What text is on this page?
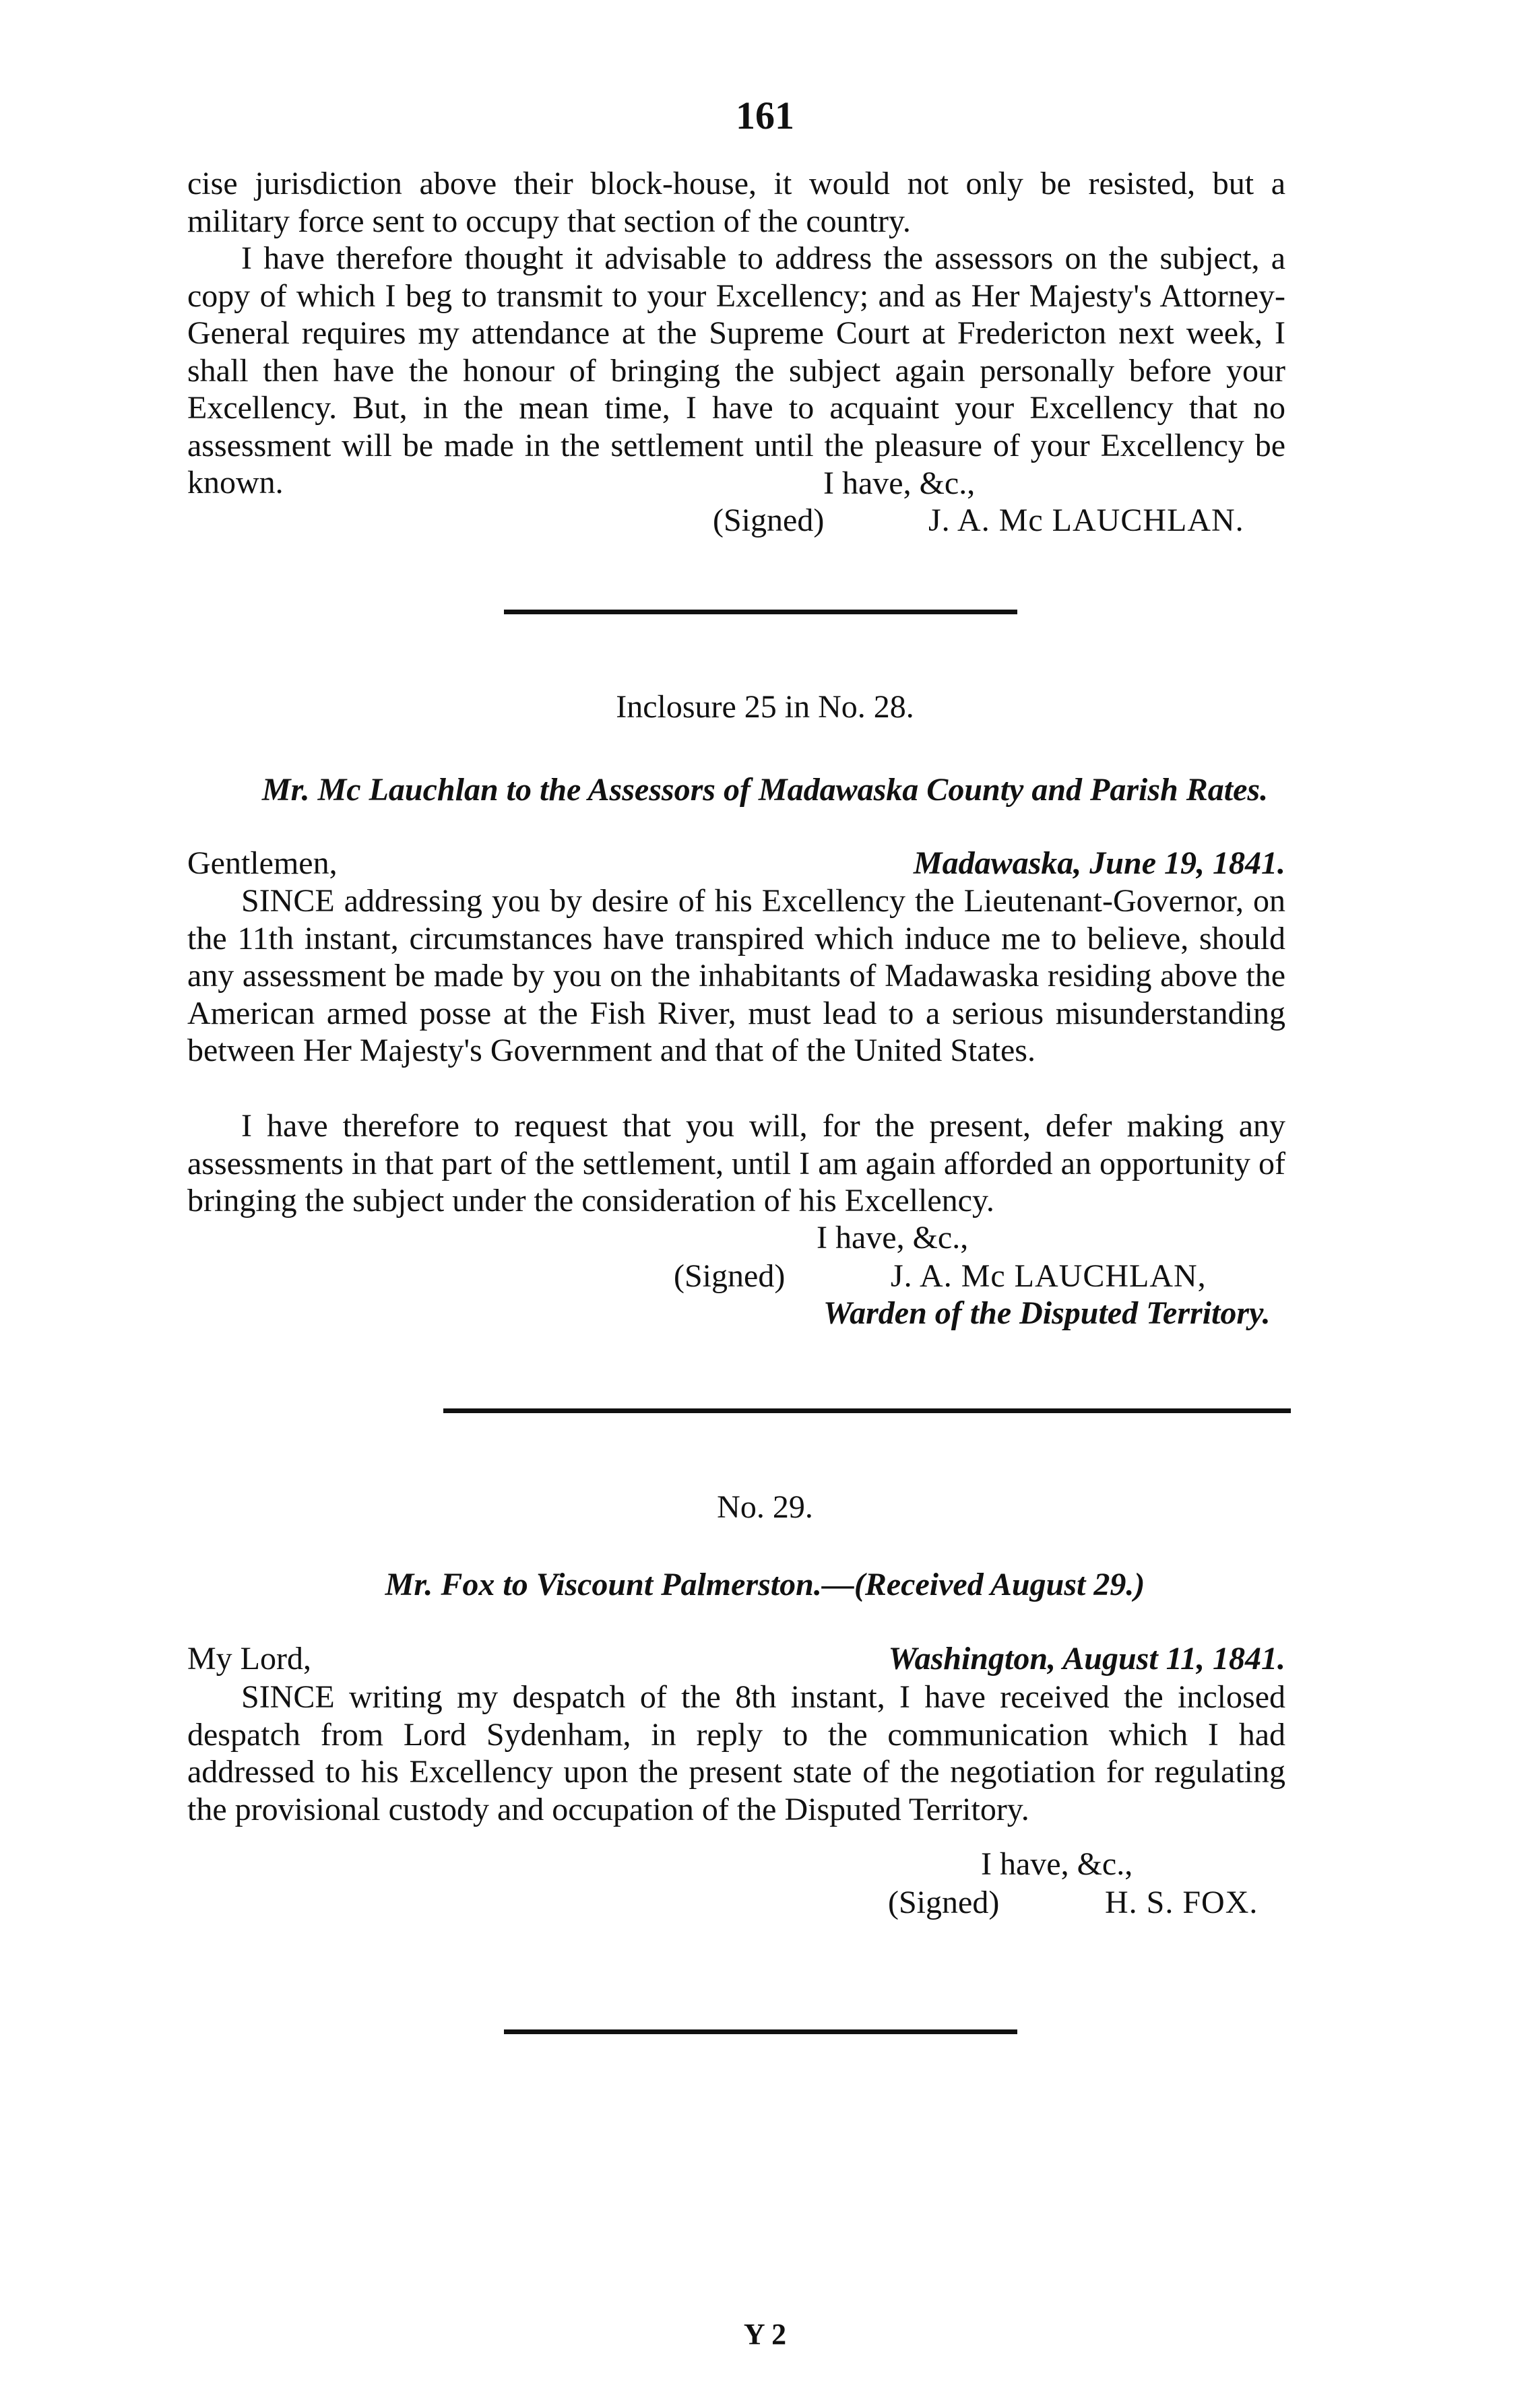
161

cise jurisdiction above their block-house, it would not only be resisted, but a military force sent to occupy that section of the country.

I have therefore thought it advisable to address the assessors on the subject, a copy of which I beg to transmit to your Excellency; and as Her Majesty's Attorney-General requires my attendance at the Supreme Court at Fredericton next week, I shall then have the honour of bringing the subject again personally before your Excellency. But, in the mean time, I have to acquaint your Excellency that no assessment will be made in the settlement until the pleasure of your Excellency be known.	I have, &c.,
(Signed)	J. A. Mc LAUCHLAN.
Inclosure 25 in No. 28.
Mr. Mc Lauchlan to the Assessors of Madawaska County and Parish Rates.
Gentlemen,	Madawaska, June 19, 1841.

SINCE addressing you by desire of his Excellency the Lieutenant-Governor, on the 11th instant, circumstances have transpired which induce me to believe, should any assessment be made by you on the inhabitants of Madawaska residing above the American armed posse at the Fish River, must lead to a serious misunderstanding between Her Majesty's Government and that of the United States.

I have therefore to request that you will, for the present, defer making any assessments in that part of the settlement, until I am again afforded an opportunity of bringing the subject under the consideration of his Excellency.

I have, &c.,
(Signed)	J. A. Mc LAUCHLAN,
Warden of the Disputed Territory.
No. 29.
Mr. Fox to Viscount Palmerston.—(Received August 29.)
My Lord,	Washington, August 11, 1841.

SINCE writing my despatch of the 8th instant, I have received the inclosed despatch from Lord Sydenham, in reply to the communication which I had addressed to his Excellency upon the present state of the negotiation for regulating the provisional custody and occupation of the Disputed Territory.

I have, &c.,
(Signed)	H. S. FOX.
Y 2
